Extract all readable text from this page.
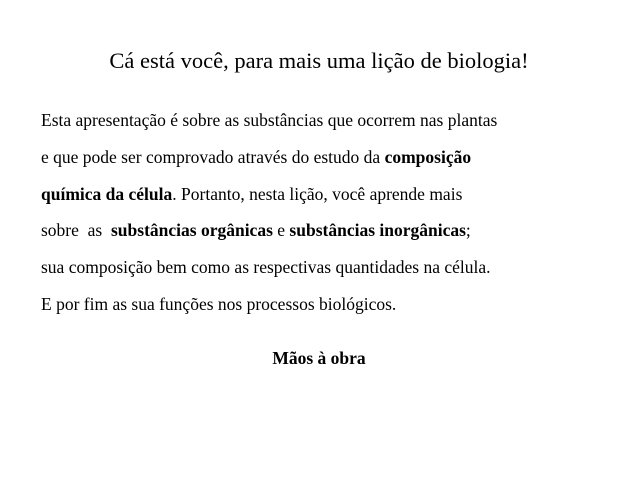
Cá está você, para mais uma lição de biologia!
Esta apresentação é sobre as substâncias que ocorrem nas plantas
e que pode ser comprovado através do estudo da composição
química da célula. Portanto, nesta lição, você aprende mais
sobre  as  substâncias orgânicas e substâncias inorgânicas;
sua composição bem como as respectivas quantidades na célula.
E por fim as sua funções nos processos biológicos.
Mãos à obra
